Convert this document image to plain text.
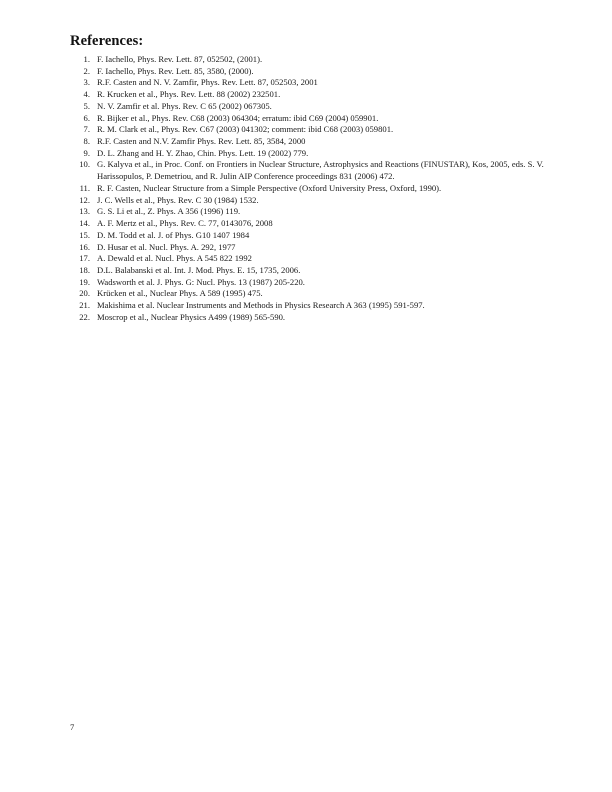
References:
1. F. Iachello, Phys. Rev. Lett. 87, 052502, (2001).
2. F. Iachello, Phys. Rev. Lett. 85, 3580, (2000).
3. R.F. Casten and N. V. Zamfir, Phys. Rev. Lett. 87, 052503, 2001
4. R. Krucken et al., Phys. Rev. Lett. 88 (2002) 232501.
5. N. V. Zamfir et al. Phys. Rev. C 65 (2002) 067305.
6. R. Bijker et al., Phys. Rev. C68 (2003) 064304; erratum: ibid C69 (2004) 059901.
7. R. M. Clark et al., Phys. Rev. C67 (2003) 041302; comment: ibid C68 (2003) 059801.
8. R.F. Casten and N.V. Zamfir Phys. Rev. Lett. 85, 3584, 2000
9. D. L. Zhang and H. Y. Zhao, Chin. Phys. Lett. 19 (2002) 779.
10. G. Kalyva et al., in Proc. Conf. on Frontiers in Nuclear Structure, Astrophysics and Reactions (FINUSTAR), Kos, 2005, eds. S. V. Harissopulos, P. Demetriou, and R. Julin AIP Conference proceedings 831 (2006) 472.
11. R. F. Casten, Nuclear Structure from a Simple Perspective (Oxford University Press, Oxford, 1990).
12. J. C. Wells et al., Phys. Rev. C 30 (1984) 1532.
13. G. S. Li et al., Z. Phys. A 356 (1996) 119.
14. A. F. Mertz et al., Phys. Rev. C. 77, 0143076, 2008
15. D. M. Todd et al. J. of Phys. G10 1407 1984
16. D. Husar et al. Nucl. Phys. A. 292, 1977
17. A. Dewald et al. Nucl. Phys. A 545 822 1992
18. D.L. Balabanski et al. Int. J. Mod. Phys. E. 15, 1735, 2006.
19. Wadsworth et al. J. Phys. G: Nucl. Phys. 13 (1987) 205-220.
20. Krücken et al., Nuclear Phys. A 589 (1995) 475.
21. Makishima et al. Nuclear Instruments and Methods in Physics Research A 363 (1995) 591-597.
22. Moscrop et al., Nuclear Physics A499 (1989) 565-590.
7
